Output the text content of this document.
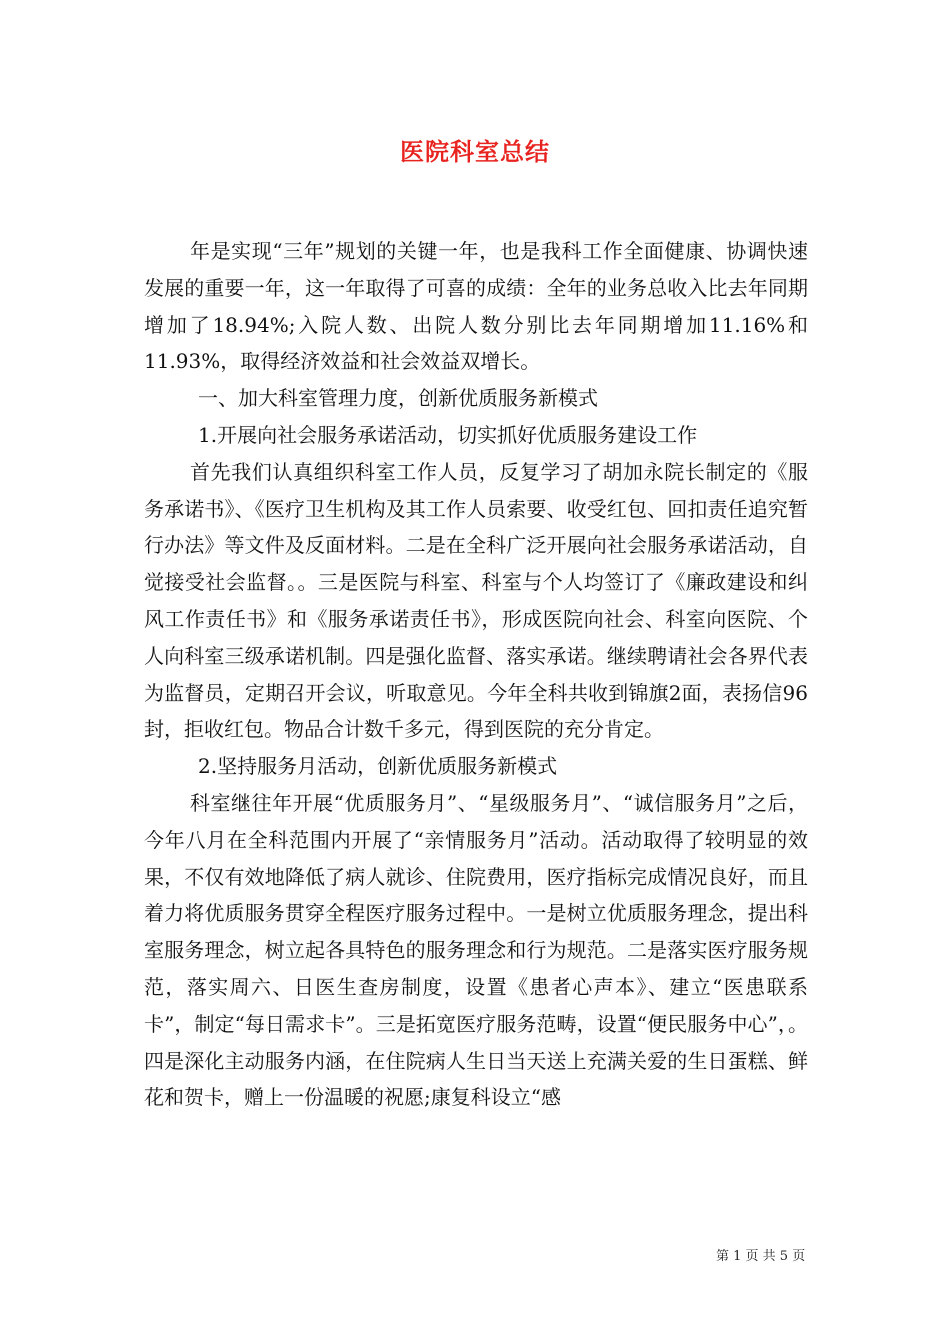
医院科室总结

年是实现“三年”规划的关键一年，也是我科工作全面健康、协调快速发展的重要一年，这一年取得了可喜的成绩：全年的业务总收入比去年同期增加了18.94%;入院人数、出院人数分别比去年同期增加11.16%和11.93%，取得经济效益和社会效益双增长。

一、加大科室管理力度，创新优质服务新模式

1.开展向社会服务承诺活动，切实抓好优质服务建设工作

首先我们认真组织科室工作人员，反复学习了胡加永院长制定的《服务承诺书》、《医疗卫生机构及其工作人员索要、收受红包、回扣责任追究暂行办法》等文件及反面材料。二是在全科广泛开展向社会服务承诺活动，自觉接受社会监督。。三是医院与科室、科室与个人均签订了《廉政建设和纠风工作责任书》和《服务承诺责任书》，形成医院向社会、科室向医院、个人向科室三级承诺机制。四是强化监督、落实承诺。继续聘请社会各界代表为监督员，定期召开会议，听取意见。今年全科共收到锦旗2面，表扬信96封，拒收红包。物品合计数千多元，得到医院的充分肯定。

2.坚持服务月活动，创新优质服务新模式

科室继往年开展“优质服务月”、“星级服务月”、“诚信服务月”之后，今年八月在全科范围内开展了“亲情服务月”活动。活动取得了较明显的效果，不仅有效地降低了病人就诊、住院费用，医疗指标完成情况良好，而且着力将优质服务贯穿全程医疗服务过程中。一是树立优质服务理念，提出科室服务理念，树立起各具特色的服务理念和行为规范。二是落实医疗服务规范，落实周六、日医生查房制度，设置《患者心声本》、建立“医患联系卡”，制定“每日需求卡”。三是拓宽医疗服务范畴，设置“便民服务中心”，。四是深化主动服务内涵，在住院病人生日当天送上充满关爱的生日蛋糕、鲜花和贺卡，赠上一份温暖的祝愿;康复科设立“感

第 1 页 共 5 页
